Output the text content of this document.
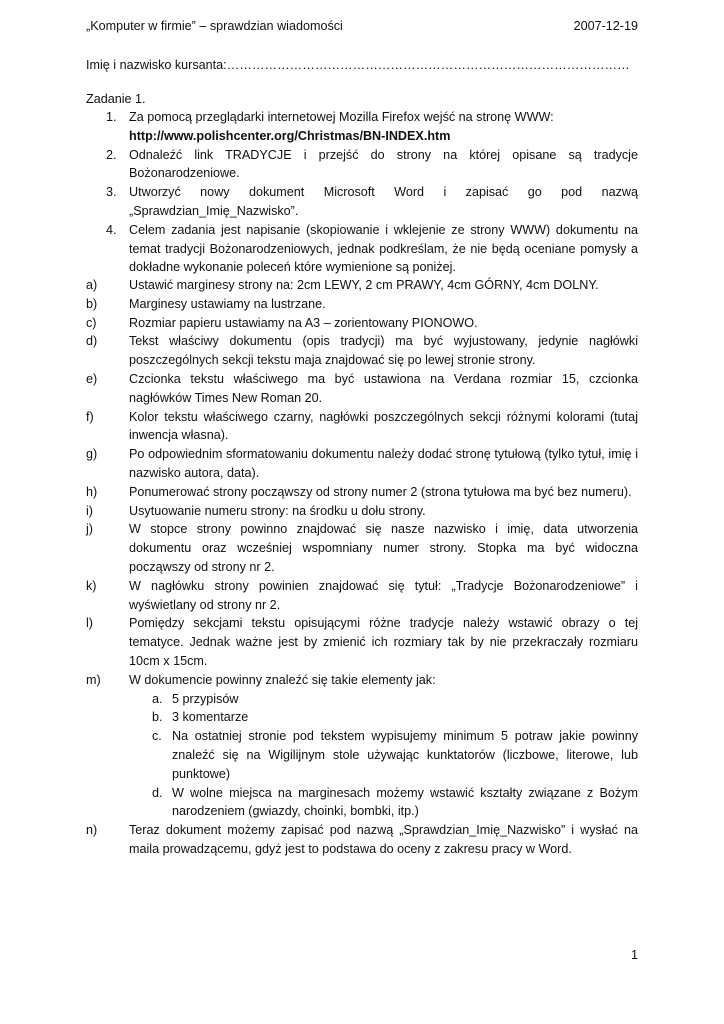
„Komputer w firmie” – sprawdzian wiadomości	2007-12-19
Imię i nazwisko kursanta:……………………………………………………………………………………
Zadanie 1.

1. Za pomocą przeglądarki internetowej Mozilla Firefox wejść na stronę WWW:
http://www.polishcenter.org/Christmas/BN-INDEX.htm

2. Odnaleźć link TRADYCJE i przejść do strony na której opisane są tradycje Bożonarodzeniowe.

3. Utworzyć nowy dokument Microsoft Word i zapisać go pod nazwą „Sprawdzian_Imię_Nazwisko”.

4. Celem zadania jest napisanie (skopiowanie i wklejenie ze strony WWW) dokumentu na temat tradycji Bożonarodzeniowych, jednak podkreślam, że nie będą oceniane pomysły a dokładne wykonanie poleceń które wymienione są poniżej.

a)	Ustawić marginesy strony na: 2cm LEWY, 2 cm PRAWY, 4cm GÓRNY, 4cm DOLNY.

b)	Marginesy ustawiamy na lustrzane.

c)	Rozmiar papieru ustawiamy na A3 – zorientowany PIONOWO.

d)	Tekst właściwy dokumentu (opis tradycji) ma być wyjustowany, jedynie nagłówki poszczególnych sekcji tekstu maja znajdować się po lewej stronie strony.

e)	Czcionka tekstu właściwego ma być ustawiona na Verdana rozmiar 15, czcionka nagłówków Times New Roman 20.

f)	Kolor tekstu właściwego czarny, nagłówki poszczególnych sekcji różnymi kolorami (tutaj inwencja własna).

g)	Po odpowiednim sformatowaniu dokumentu należy dodać stronę tytułową (tylko tytuł, imię i nazwisko autora, data).

h)	Ponumerować strony począwszy od strony numer 2 (strona tytułowa ma być bez numeru).

i)	Usytuowanie numeru strony: na środku u dołu strony.

j)	W stopce strony powinno znajdować się nasze nazwisko i imię, data utworzenia dokumentu oraz wcześniej wspomniany numer strony. Stopka ma być widoczna począwszy od strony nr 2.

k)	W nagłówku strony powinien znajdować się tytuł: „Tradycje Bożonarodzeniowe” i wyświetlany od strony nr 2.

l)	Pomiędzy sekcjami tekstu opisującymi różne tradycje należy wstawić obrazy o tej tematyce. Jednak ważne jest by zmienić ich rozmiary tak by nie przekraczały rozmiaru 10cm x 15cm.

m) W dokumencie powinny znaleźć się takie elementy jak:

a. 5 przypisów

b. 3 komentarze

c. Na ostatniej stronie pod tekstem wypisujemy minimum 5 potraw jakie powinny znaleźć się na Wigilijnym stole używając kunktatorów (liczbowe, literowe, lub punktowe)

d. W wolne miejsca na marginesach możemy wstawić kształty związane z Bożym narodzeniem (gwiazdy, choinki, bombki, itp.)

n)	Teraz dokument możemy zapisać pod nazwą „Sprawdzian_Imię_Nazwisko” i wysłać na maila prowadzącemu, gdyż jest to podstawa do oceny z zakresu pracy w Word.

1
